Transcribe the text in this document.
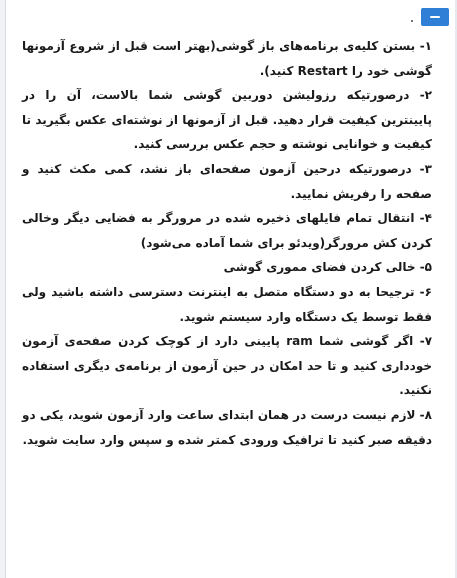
۱- بستن کلیه‌ی برنامه‌های باز گوشی(بهتر است قبل از شروع آزمونها گوشی خود را Restart کنید).

۲- درصورتیکه رزولیشن دوربین گوشی شما بالاست، آن را در پایینترین کیفیت قرار دهید. قبل از آزمونها از نوشته‌ای عکس بگیرید تا کیفیت و خوانایی نوشته و حجم عکس بررسی کنید.

۳- درصورتیکه درحین آزمون صفحه‌ای باز نشد، کمی مکث کنید و صفحه را رفریش نمایید.

۴- انتقال تمام فایلهای ذخیره شده در مرورگر به فضایی دیگر وخالی کردن کش مرورگر(ویدئو برای شما آماده می‌شود)

۵- خالی کردن فضای مموری گوشی

۶- ترجیحا به دو دستگاه متصل به اینترنت دسترسی داشته باشید ولی فقط توسط یک دستگاه وارد سیستم شوید.

۷- اگر گوشی شما ram پایینی دارد از کوچک کردن صفحه‌ی آزمون خودداری کنید و تا حد امکان در حین آزمون از برنامه‌ی دیگری استفاده نکنید.

۸- لازم نیست درست در همان ابتدای ساعت وارد آزمون شوید، یکی دو دقیقه صبر کنید تا ترافیک ورودی کمتر شده و سپس وارد سایت شوید.
